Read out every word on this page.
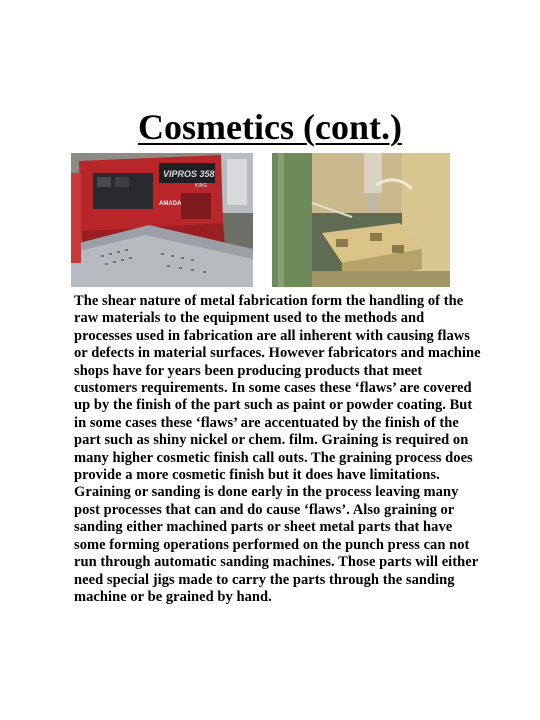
Cosmetics (cont.)
VIPROS 358
KING
AMADA

The shear nature of metal fabrication form the handling of the raw materials to the equipment used to the methods and processes used in fabrication are all inherent with causing flaws or defects in material surfaces. However fabricators and machine shops have for years been producing products that meet customers requirements. In some cases these ‘flaws’ are covered up by the finish of the part such as paint or powder coating. But in some cases these ‘flaws’ are accentuated by the finish of the part such as shiny nickel or chem. film. Graining is required on many higher cosmetic finish call outs. The graining process does provide a more cosmetic finish but it does have limitations. Graining or sanding is done early in the process leaving many post processes that can and do cause ‘flaws’. Also graining or sanding either machined parts or sheet metal parts that have some forming operations performed on the punch press can not run through automatic sanding machines. Those parts will either need special jigs made to carry the parts through the sanding machine or be grained by hand.
